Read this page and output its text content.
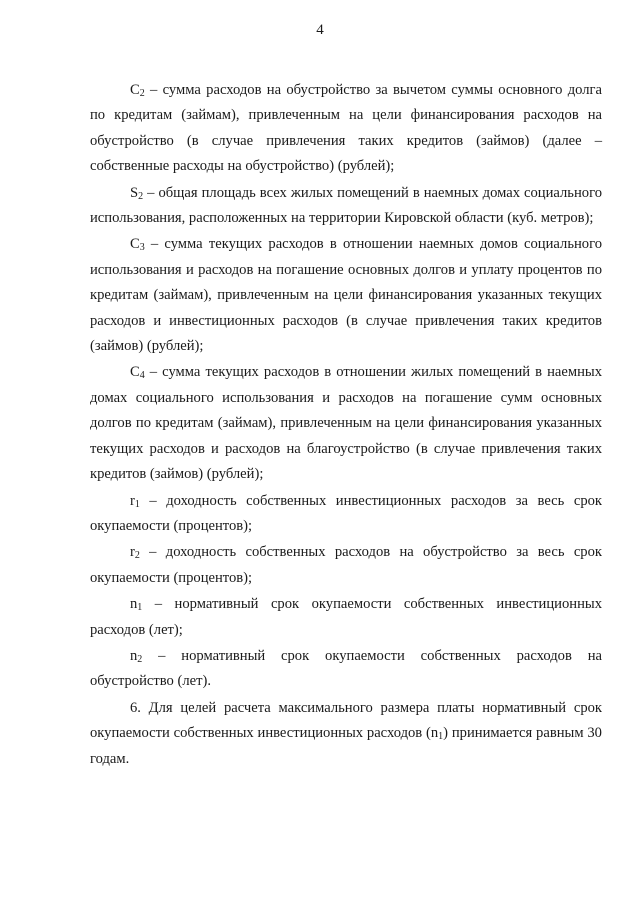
4

$С_2$ – сумма расходов на обустройство за вычетом суммы основного долга по кредитам (займам), привлеченным на цели финансирования расходов на обустройство (в случае привлечения таких кредитов (займов) (далее – собственные расходы на обустройство) (рублей);

$S_2$ – общая площадь всех жилых помещений в наемных домах социального использования, расположенных на территории Кировской области (куб. метров);

$С_3$ – сумма текущих расходов в отношении наемных домов социального использования и расходов на погашение основных долгов и уплату процентов по кредитам (займам), привлеченным на цели финансирования указанных текущих расходов и инвестиционных расходов (в случае привлечения таких кредитов (займов) (рублей);

$С_4$ – сумма текущих расходов в отношении жилых помещений в наемных домах социального использования и расходов на погашение сумм основных долгов по кредитам (займам), привлеченным на цели финансирования указанных текущих расходов и расходов на благоустройство (в случае привлечения таких кредитов (займов) (рублей);

$r_1$ – доходность собственных инвестиционных расходов за весь срок окупаемости (процентов);

$r_2$ – доходность собственных расходов на обустройство за весь срок окупаемости (процентов);

$n_1$ – нормативный срок окупаемости собственных инвестиционных расходов (лет);

$n_2$ – нормативный срок окупаемости собственных расходов на обустройство (лет).

6. Для целей расчета максимального размера платы нормативный срок окупаемости собственных инвестиционных расходов $(n_1)$ принимается равным 30 годам.
